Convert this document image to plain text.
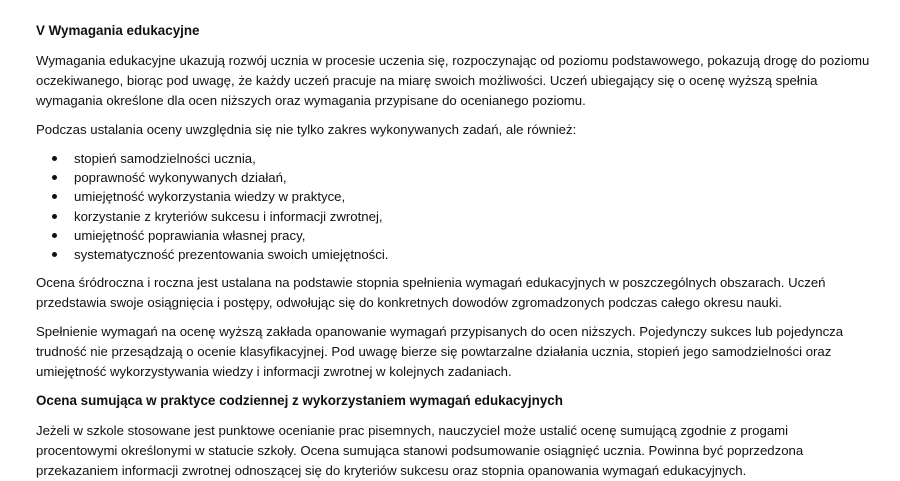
V Wymagania edukacyjne

Wymagania edukacyjne ukazują rozwój ucznia w procesie uczenia się, rozpoczynając od poziomu podstawowego, pokazują drogę do poziomu oczekiwanego, biorąc pod uwagę, że każdy uczeń pracuje na miarę swoich możliwości. Uczeń ubiegający się o ocenę wyższą spełnia wymagania określone dla ocen niższych oraz wymagania przypisane do ocenianego poziomu.

Podczas ustalania oceny uwzględnia się nie tylko zakres wykonywanych zadań, ale również:

stopień samodzielności ucznia,
poprawność wykonywanych działań,
umiejętność wykorzystania wiedzy w praktyce,
korzystanie z kryteriów sukcesu i informacji zwrotnej,
umiejętność poprawiania własnej pracy,
systematyczność prezentowania swoich umiejętności.

Ocena śródroczna i roczna jest ustalana na podstawie stopnia spełnienia wymagań edukacyjnych w poszczególnych obszarach. Uczeń przedstawia swoje osiągnięcia i postępy, odwołując się do konkretnych dowodów zgromadzonych podczas całego okresu nauki.

Spełnienie wymagań na ocenę wyższą zakłada opanowanie wymagań przypisanych do ocen niższych. Pojedynczy sukces lub pojedyncza trudność nie przesądzają o ocenie klasyfikacyjnej. Pod uwagę bierze się powtarzalne działania ucznia, stopień jego samodzielności oraz umiejętność wykorzystywania wiedzy i informacji zwrotnej w kolejnych zadaniach.

Ocena sumująca w praktyce codziennej z wykorzystaniem wymagań edukacyjnych

Jeżeli w szkole stosowane jest punktowe ocenianie prac pisemnych, nauczyciel może ustalić ocenę sumującą zgodnie z progami procentowymi określonymi w statucie szkoły. Ocena sumująca stanowi podsumowanie osiągnięć ucznia. Powinna być poprzedzona przekazaniem informacji zwrotnej odnoszącej się do kryteriów sukcesu oraz stopnia opanowania wymagań edukacyjnych.
